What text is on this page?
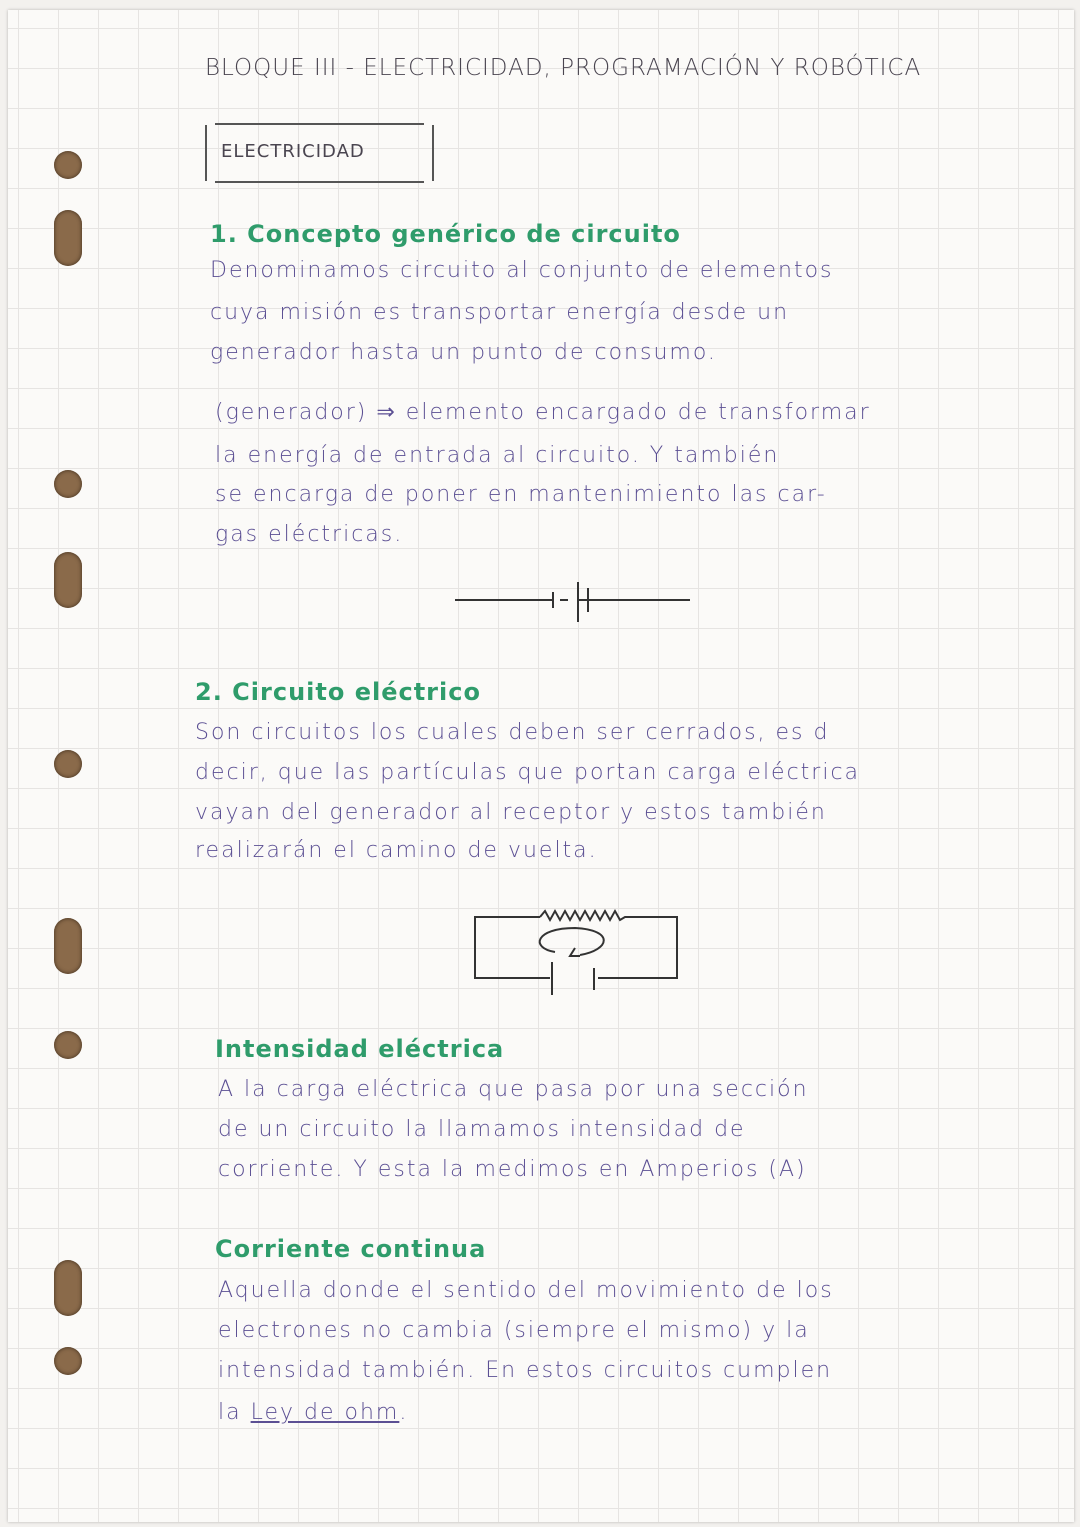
BLOQUE III - ELECTRICIDAD, PROGRAMACIÓN Y ROBÓTICA
ELECTRICIDAD
1. Concepto genérico de circuito
Denominamos circuito al conjunto de elementos
cuya misión es transportar energía desde un
generador hasta un punto de consumo.
(generador) ⇒ elemento encargado de transformar
la energía de entrada al circuito. Y también
se encarga de poner en mantenimiento las car-
gas eléctricas.
2. Circuito eléctrico
Son circuitos los cuales deben ser cerrados, es d
decir, que las partículas que portan carga eléctrica
vayan del generador al receptor y estos también
realizarán el camino de vuelta.
Intensidad eléctrica
A la carga eléctrica que pasa por una sección
de un circuito la llamamos intensidad de
corriente. Y esta la medimos en Amperios (A)
Corriente continua
Aquella donde el sentido del movimiento de los
electrones no cambia (siempre el mismo) y la
intensidad también. En estos circuitos cumplen
la Ley de ohm.
